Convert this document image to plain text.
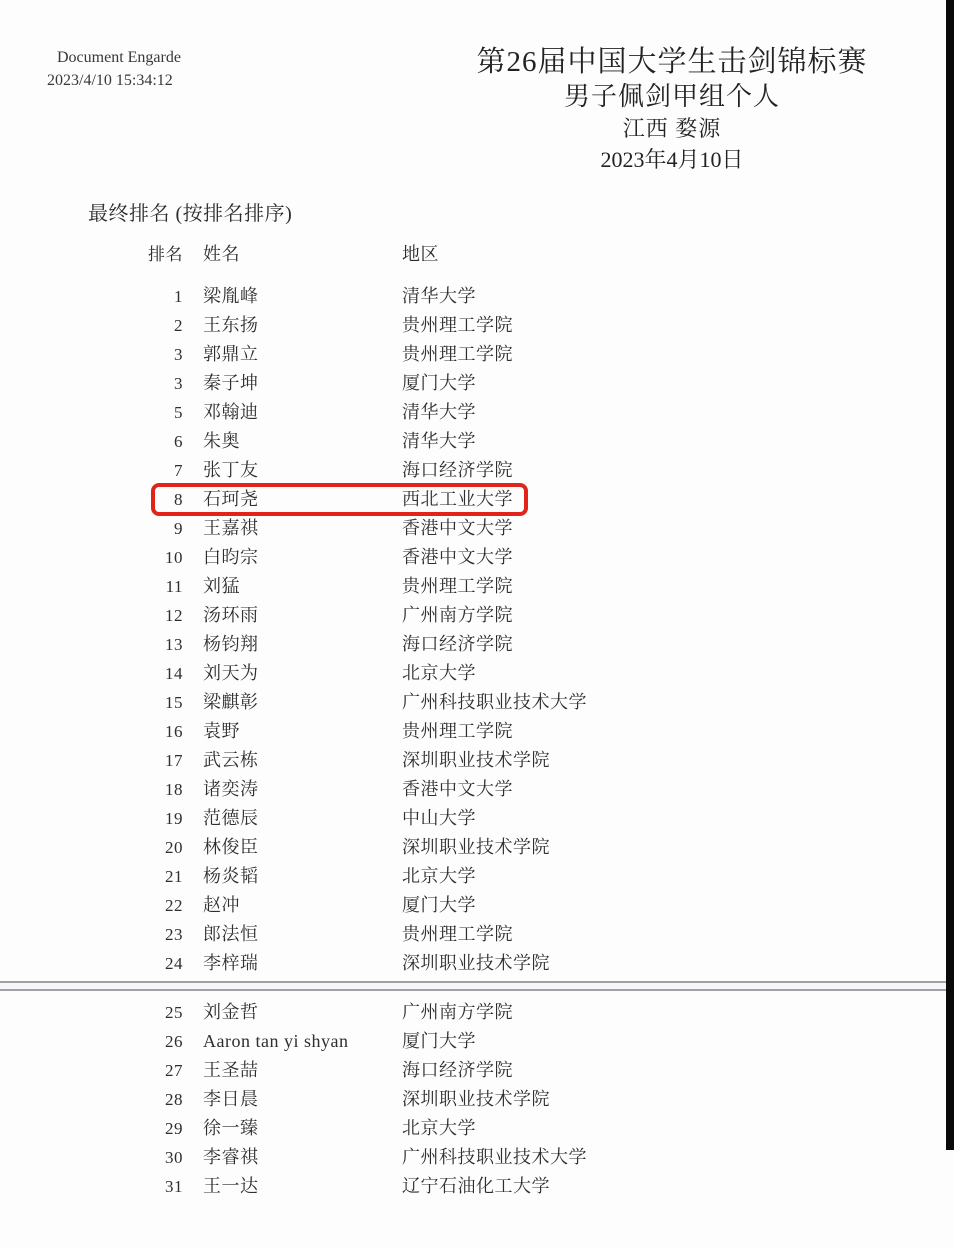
Document Engarde
2023/4/10 15:34:12
第26届中国大学生击剑锦标赛
男子佩剑甲组个人
江西 婺源
2023年4月10日
最终排名 (按排名排序)
排名 姓名	地区
1 梁胤峰	清华大学
2 王东扬	贵州理工学院
3 郭鼎立	贵州理工学院
3 秦子坤	厦门大学
5 邓翰迪	清华大学
6 朱奥	清华大学
7 张丁友	海口经济学院
8 石珂尧	西北工业大学
9 王嘉祺	香港中文大学
10 白昀宗	香港中文大学
11 刘猛	贵州理工学院
12 汤环雨	广州南方学院
13 杨钧翔	海口经济学院
14 刘天为	北京大学
15 梁麒彰	广州科技职业技术大学
16 袁野	贵州理工学院
17 武云栋	深圳职业技术学院
18 诸奕涛	香港中文大学
19 范德辰	中山大学
20 林俊臣	深圳职业技术学院
21 杨炎韬	北京大学
22 赵冲	厦门大学
23 郎法恒	贵州理工学院
24 李梓瑞	深圳职业技术学院
25 刘金哲	广州南方学院
26 Aaron tan yi shyan	厦门大学
27 王圣喆	海口经济学院
28 李日晨	深圳职业技术学院
29 徐一臻	北京大学
30 李睿祺	广州科技职业技术大学
31 王一达	辽宁石油化工大学
